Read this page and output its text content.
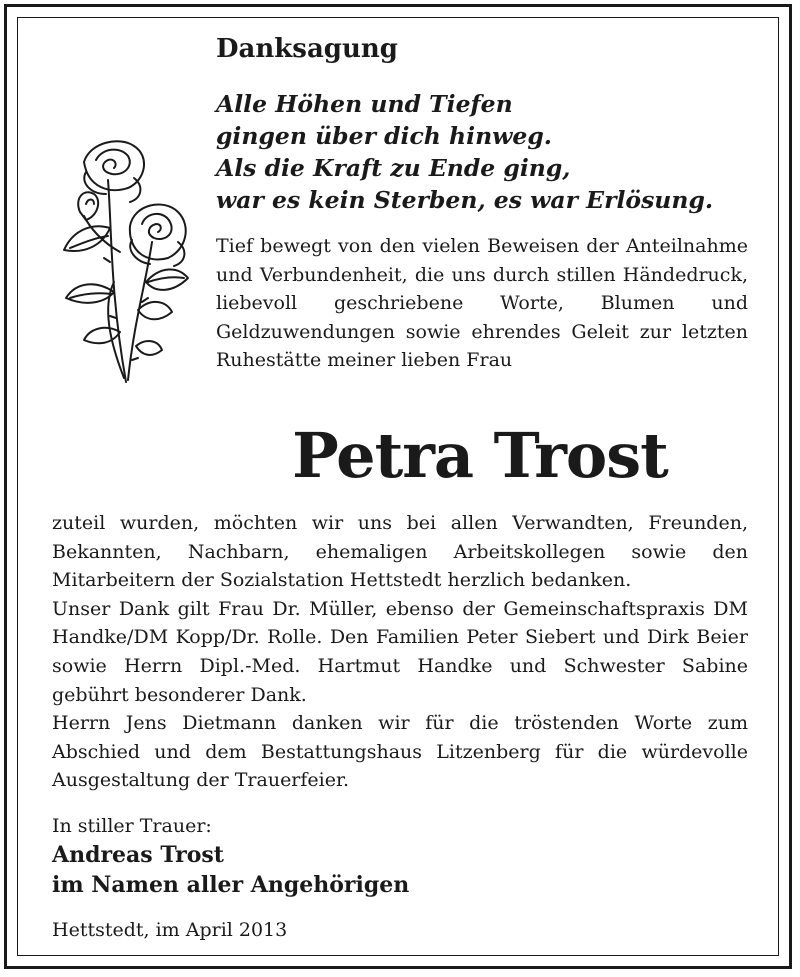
Danksagung
Alle Höhen und Tiefen
gingen über dich hinweg.
Als die Kraft zu Ende ging,
war es kein Sterben, es war Erlösung.
Tief bewegt von den vielen Beweisen der Anteilnahme und Verbundenheit, die uns durch stillen Händedruck, liebevoll geschriebene Worte, Blumen und Geldzuwendungen sowie ehrendes Geleit zur letzten Ruhestätte meiner lieben Frau
Petra Trost

zuteil wurden, möchten wir uns bei allen Verwandten, Freunden, Bekannten, Nachbarn, ehemaligen Arbeitskollegen sowie den Mitarbeitern der Sozialstation Hettstedt herzlich bedanken.

Unser Dank gilt Frau Dr. Müller, ebenso der Gemeinschaftspraxis DM Handke/DM Kopp/Dr. Rolle. Den Familien Peter Siebert und Dirk Beier sowie Herrn Dipl.-Med. Hartmut Handke und Schwester Sabine gebührt besonderer Dank.

Herrn Jens Dietmann danken wir für die tröstenden Worte zum Abschied und dem Bestattungshaus Litzenberg für die würdevolle Ausgestaltung der Trauerfeier.

In stiller Trauer:
Andreas Trost
im Namen aller Angehörigen
Hettstedt, im April 2013
